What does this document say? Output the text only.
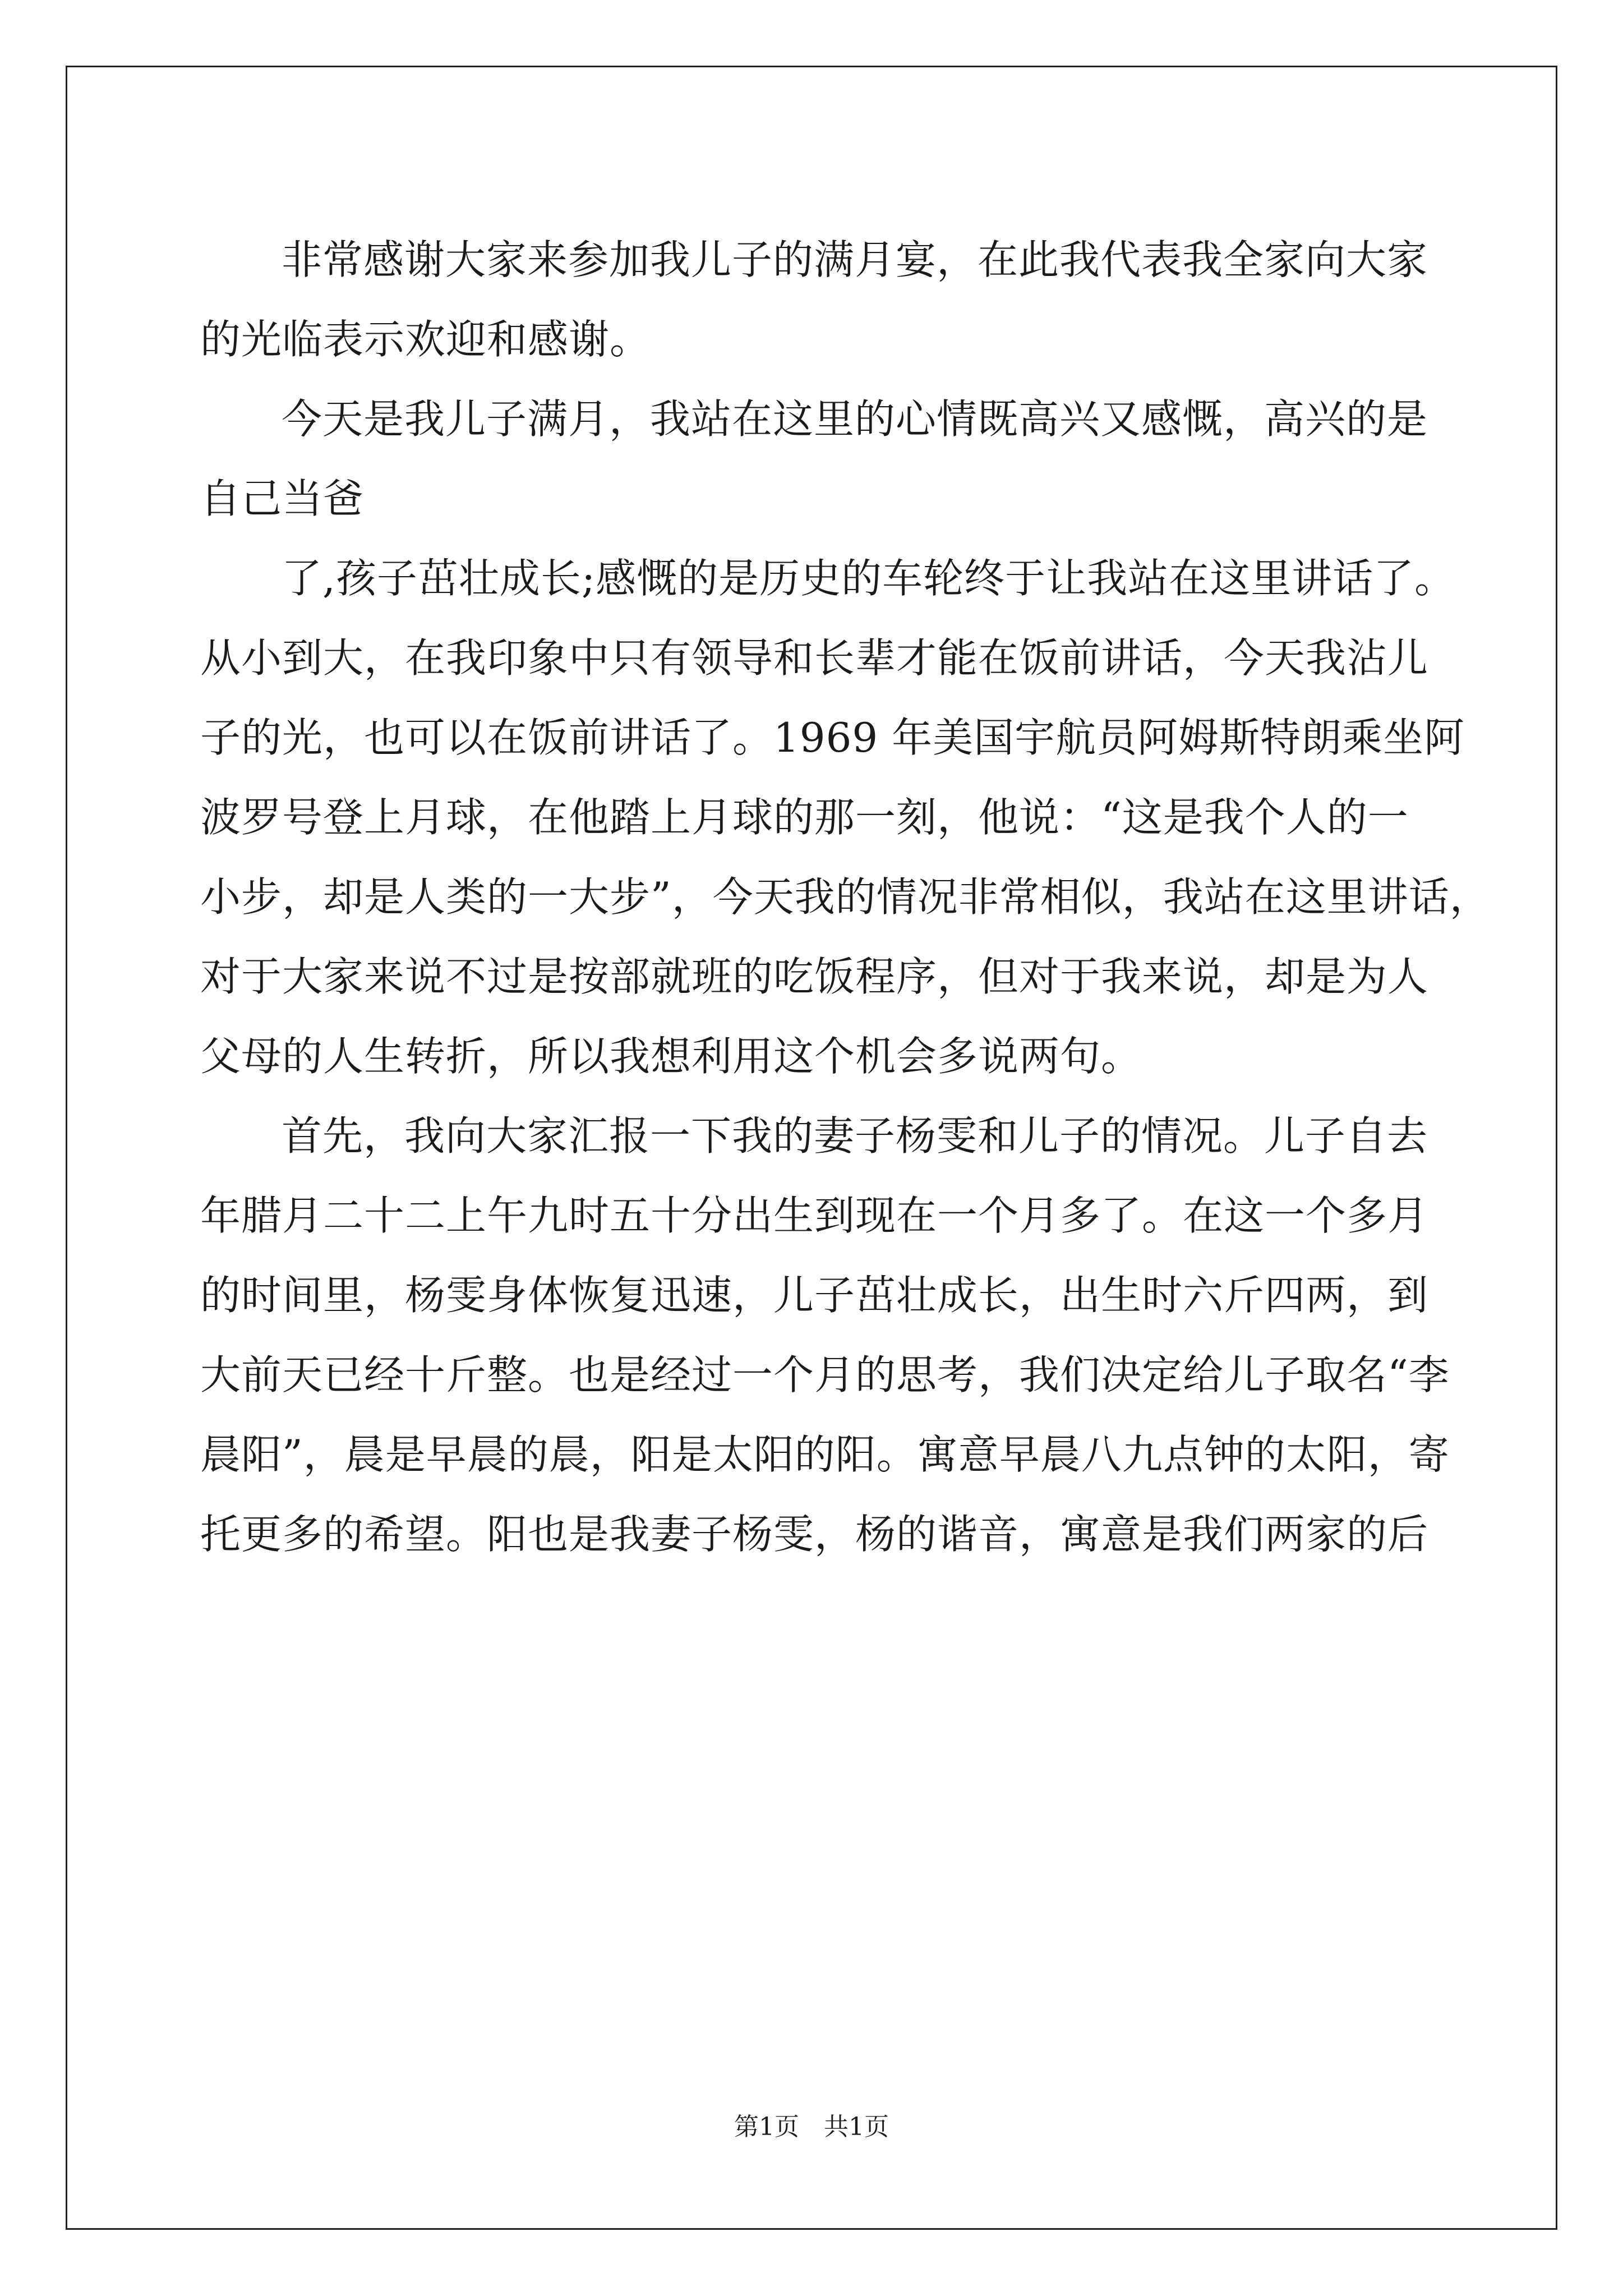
非常感谢大家来参加我儿子的满月宴，在此我代表我全家向大家
的光临表示欢迎和感谢。
今天是我儿子满月，我站在这里的心情既高兴又感慨，高兴的是
自己当爸
了,孩子茁壮成长;感慨的是历史的车轮终于让我站在这里讲话了。
从小到大，在我印象中只有领导和长辈才能在饭前讲话，今天我沾儿
子的光，也可以在饭前讲话了。1969 年美国宇航员阿姆斯特朗乘坐阿
波罗号登上月球，在他踏上月球的那一刻，他说：“这是我个人的一
小步，却是人类的一大步”，今天我的情况非常相似，我站在这里讲话，
对于大家来说不过是按部就班的吃饭程序，但对于我来说，却是为人
父母的人生转折，所以我想利用这个机会多说两句。
首先，我向大家汇报一下我的妻子杨雯和儿子的情况。儿子自去
年腊月二十二上午九时五十分出生到现在一个月多了。在这一个多月
的时间里，杨雯身体恢复迅速，儿子茁壮成长，出生时六斤四两，到
大前天已经十斤整。也是经过一个月的思考，我们决定给儿子取名“李
晨阳”，晨是早晨的晨，阳是太阳的阳。寓意早晨八九点钟的太阳，寄
托更多的希望。阳也是我妻子杨雯，杨的谐音，寓意是我们两家的后
第1页　共1页
